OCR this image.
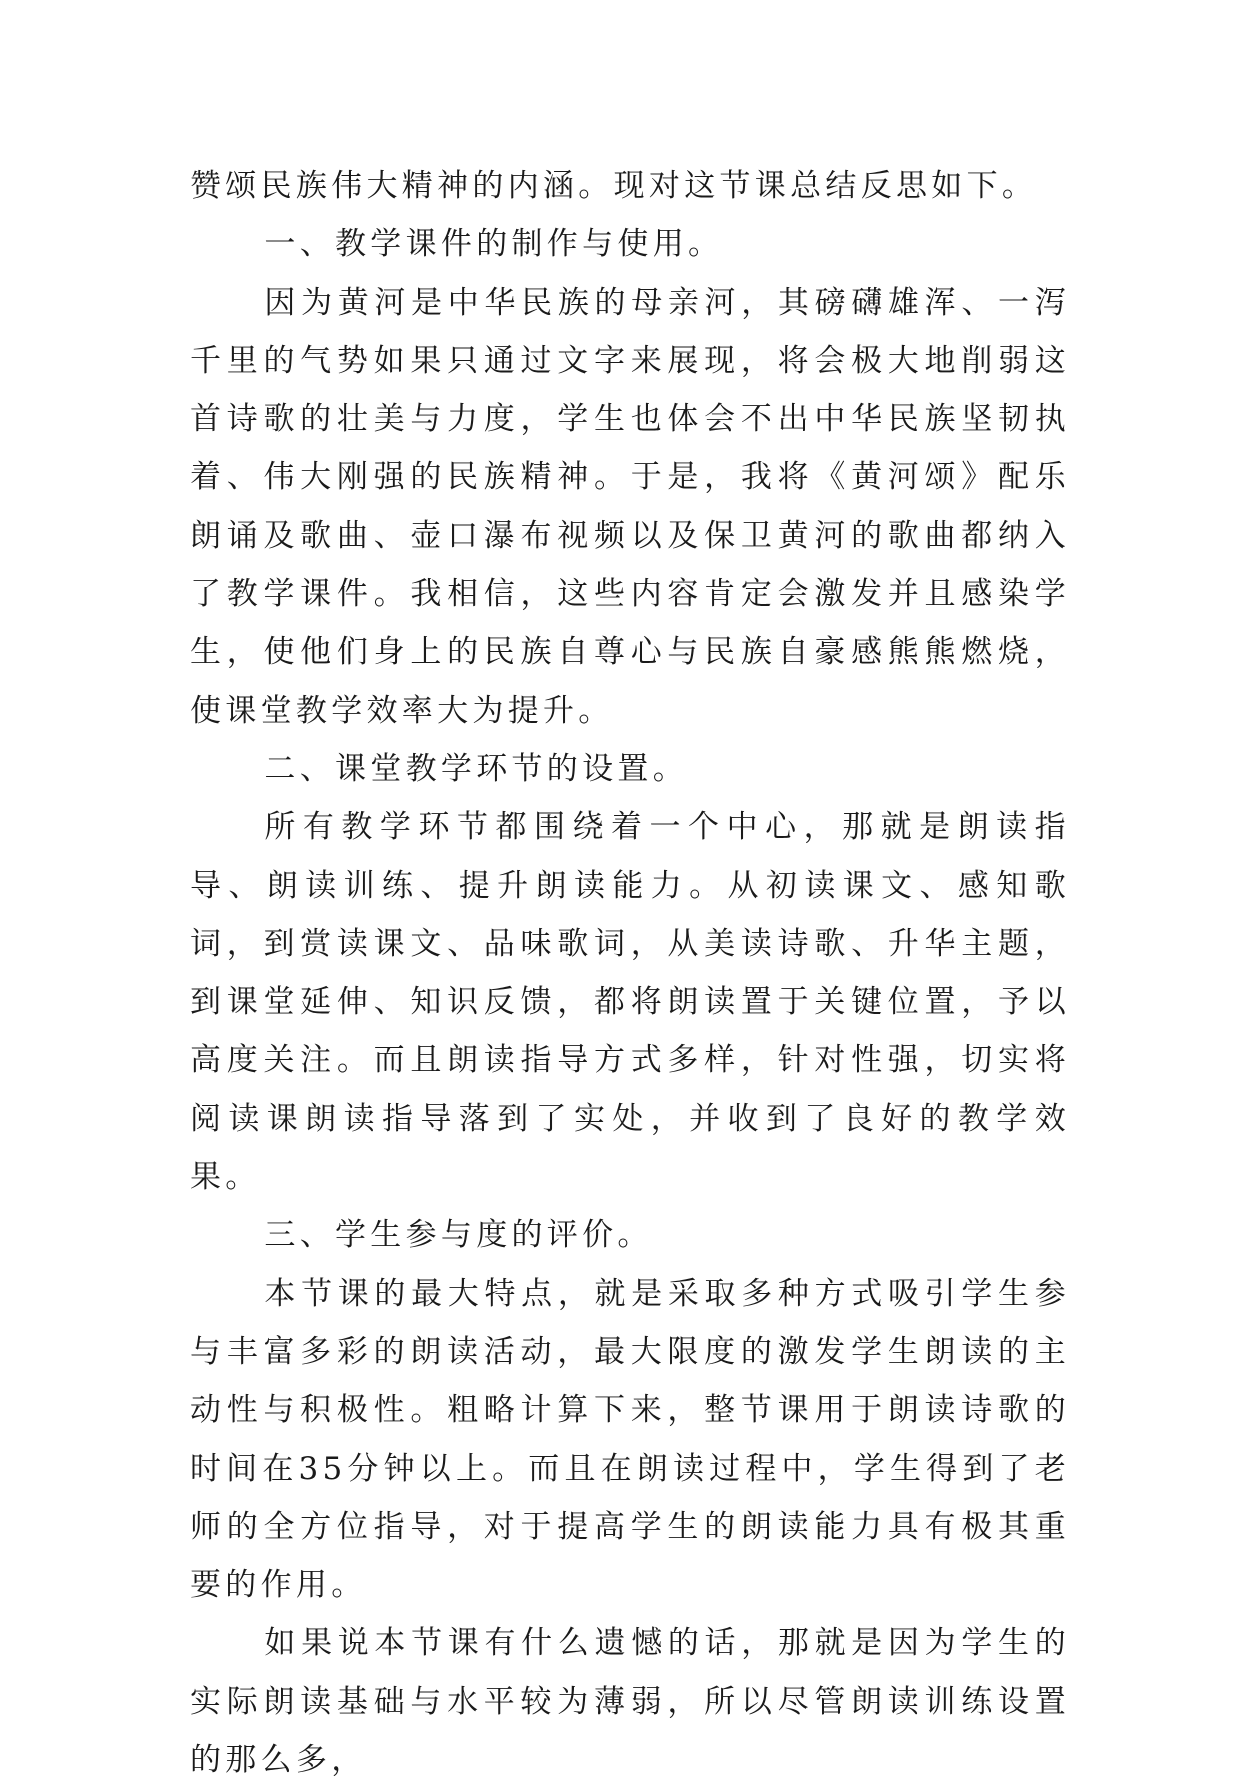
赞颂民族伟大精神的内涵。现对这节课总结反思如下。

一、教学课件的制作与使用。

因为黄河是中华民族的母亲河，其磅礴雄浑、一泻千里的气势如果只通过文字来展现，将会极大地削弱这首诗歌的壮美与力度，学生也体会不出中华民族坚韧执着、伟大刚强的民族精神。于是，我将《黄河颂》配乐朗诵及歌曲、壶口瀑布视频以及保卫黄河的歌曲都纳入了教学课件。我相信，这些内容肯定会激发并且感染学生，使他们身上的民族自尊心与民族自豪感熊熊燃烧，使课堂教学效率大为提升。

二、课堂教学环节的设置。

所有教学环节都围绕着一个中心，那就是朗读指导、朗读训练、提升朗读能力。从初读课文、感知歌词，到赏读课文、品味歌词，从美读诗歌、升华主题，到课堂延伸、知识反馈，都将朗读置于关键位置，予以高度关注。而且朗读指导方式多样，针对性强，切实将阅读课朗读指导落到了实处，并收到了良好的教学效果。

三、学生参与度的评价。

本节课的最大特点，就是采取多种方式吸引学生参与丰富多彩的朗读活动，最大限度的激发学生朗读的主动性与积极性。粗略计算下来，整节课用于朗读诗歌的时间在35分钟以上。而且在朗读过程中，学生得到了老师的全方位指导，对于提高学生的朗读能力具有极其重要的作用。

如果说本节课有什么遗憾的话，那就是因为学生的实际朗读基础与水平较为薄弱，所以尽管朗读训练设置的那么多，
